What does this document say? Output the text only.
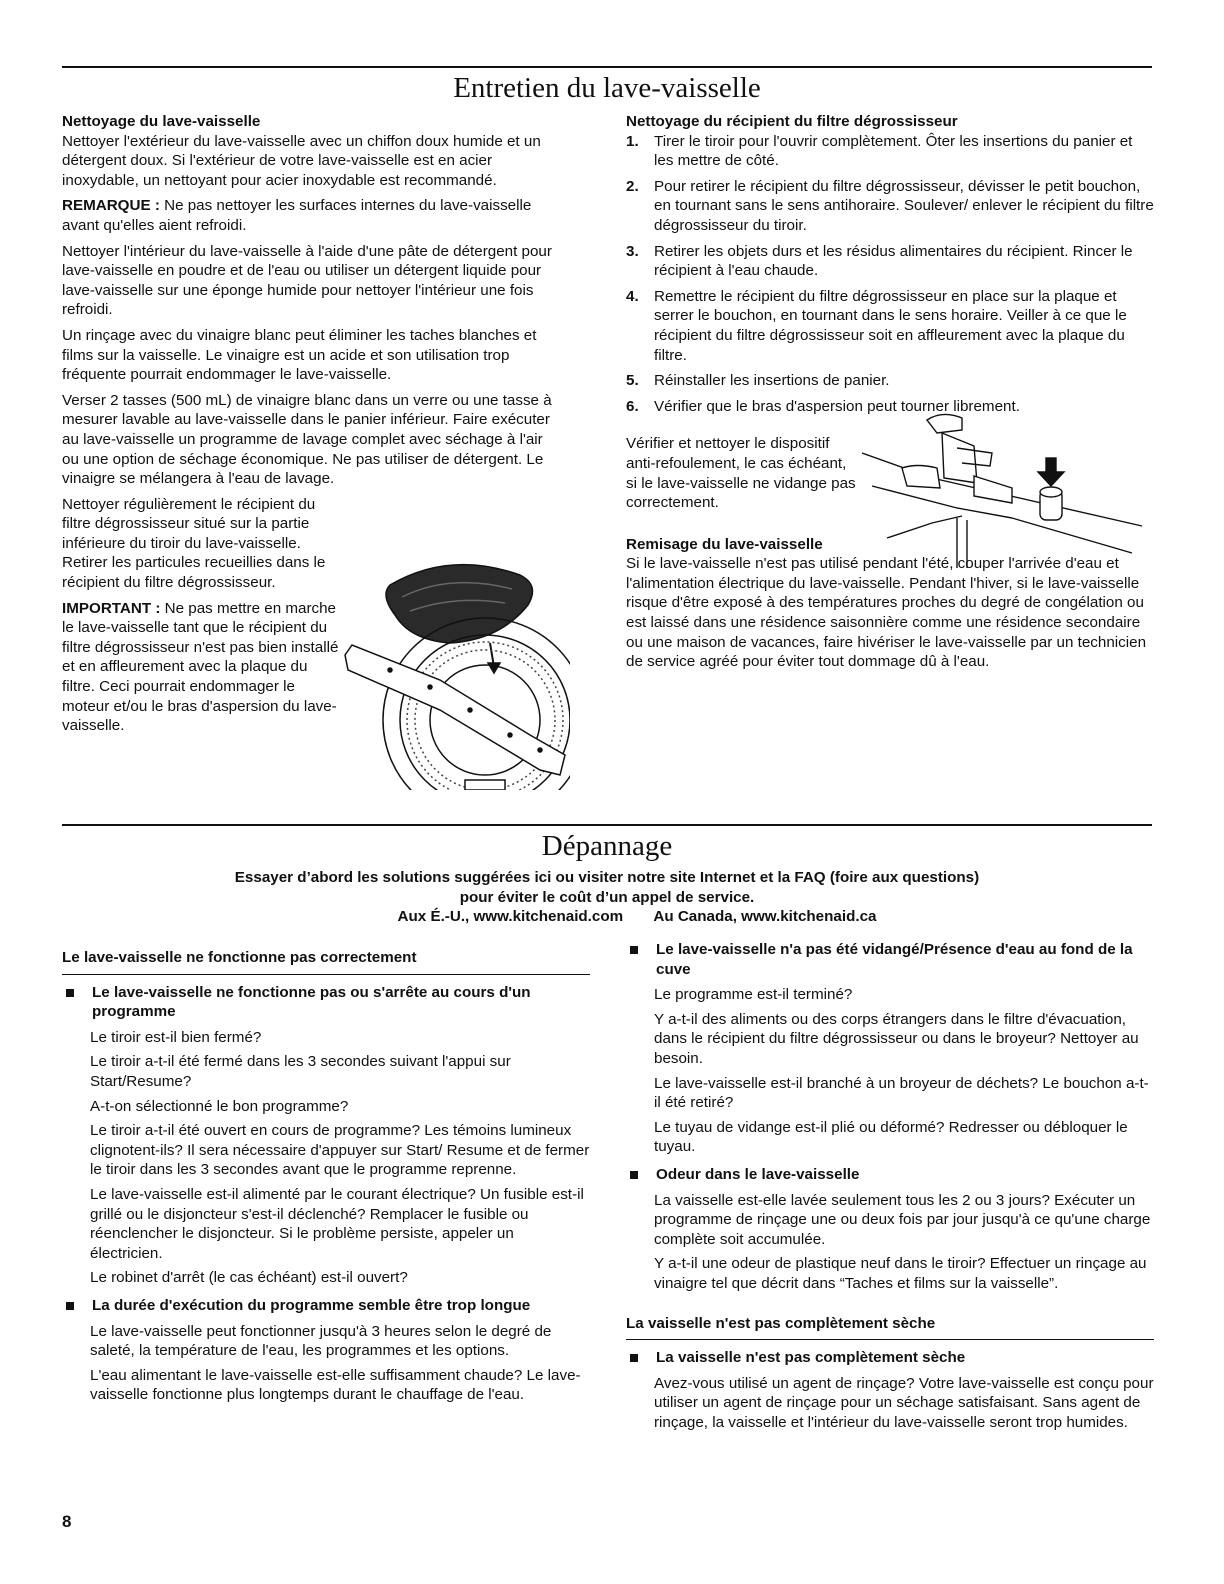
Entretien du lave-vaisselle
Nettoyage du lave-vaisselle

Nettoyer l'extérieur du lave-vaisselle avec un chiffon doux humide et un détergent doux. Si l'extérieur de votre lave-vaisselle est en acier inoxydable, un nettoyant pour acier inoxydable est recommandé.

REMARQUE : Ne pas nettoyer les surfaces internes du lave-vaisselle avant qu'elles aient refroidi.

Nettoyer l'intérieur du lave-vaisselle à l'aide d'une pâte de détergent pour lave-vaisselle en poudre et de l'eau ou utiliser un détergent liquide pour lave-vaisselle sur une éponge humide pour nettoyer l'intérieur une fois refroidi.

Un rinçage avec du vinaigre blanc peut éliminer les taches blanches et films sur la vaisselle. Le vinaigre est un acide et son utilisation trop fréquente pourrait endommager le lave-vaisselle.

Verser 2 tasses (500 mL) de vinaigre blanc dans un verre ou une tasse à mesurer lavable au lave-vaisselle dans le panier inférieur. Faire exécuter au lave-vaisselle un programme de lavage complet avec séchage à l'air ou une option de séchage économique. Ne pas utiliser de détergent. Le vinaigre se mélangera à l'eau de lavage.

Nettoyer régulièrement le récipient du filtre dégrossisseur situé sur la partie inférieure du tiroir du lave-vaisselle. Retirer les particules recueillies dans le récipient du filtre dégrossisseur.

IMPORTANT : Ne pas mettre en marche le lave-vaisselle tant que le récipient du filtre dégrossisseur n'est pas bien installé et en affleurement avec la plaque du filtre. Ceci pourrait endommager le moteur et/ou le bras d'aspersion du lave-vaisselle.

Nettoyage du récipient du filtre dégrossisseur
1.	Tirer le tiroir pour l'ouvrir complètement. Ôter les insertions du panier et les mettre de côté.
2.	Pour retirer le récipient du filtre dégrossisseur, dévisser le petit bouchon, en tournant sans le sens antihoraire. Soulever/ enlever le récipient du filtre dégrossisseur du tiroir.
3.	Retirer les objets durs et les résidus alimentaires du récipient. Rincer le récipient à l'eau chaude.
4.	Remettre le récipient du filtre dégrossisseur en place sur la plaque et serrer le bouchon, en tournant dans le sens horaire. Veiller à ce que le récipient du filtre dégrossisseur soit en affleurement avec la plaque du filtre.
5.	Réinstaller les insertions de panier.
6.	Vérifier que le bras d'aspersion peut tourner librement.

Vérifier et nettoyer le dispositif anti-refoulement, le cas échéant, si le lave-vaisselle ne vidange pas correctement.

Remisage du lave-vaisselle

Si le lave-vaisselle n'est pas utilisé pendant l'été, couper l'arrivée d'eau et l'alimentation électrique du lave-vaisselle. Pendant l'hiver, si le lave-vaisselle risque d'être exposé à des températures proches du degré de congélation ou est laissé dans une résidence saisonnière comme une résidence secondaire ou une maison de vacances, faire hivériser le lave-vaisselle par un technicien de service agréé pour éviter tout dommage dû à l'eau.

Dépannage
Essayer d’abord les solutions suggérées ici ou visiter notre site Internet et la FAQ (foire aux questions)
pour éviter le coût d’un appel de service.
Aux É.-U., www.kitchenaid.com Au Canada, www.kitchenaid.ca
Le lave-vaisselle ne fonctionne pas correctement
Le lave-vaisselle ne fonctionne pas ou s'arrête au cours d'un programme

Le tiroir est-il bien fermé?

Le tiroir a-t-il été fermé dans les 3 secondes suivant l'appui sur Start/Resume?

A-t-on sélectionné le bon programme?

Le tiroir a-t-il été ouvert en cours de programme? Les témoins lumineux clignotent-ils? Il sera nécessaire d'appuyer sur Start/ Resume et de fermer le tiroir dans les 3 secondes avant que le programme reprenne.

Le lave-vaisselle est-il alimenté par le courant électrique? Un fusible est-il grillé ou le disjoncteur s'est-il déclenché? Remplacer le fusible ou réenclencher le disjoncteur. Si le problème persiste, appeler un électricien.

Le robinet d'arrêt (le cas échéant) est-il ouvert?

La durée d'exécution du programme semble être trop longue

Le lave-vaisselle peut fonctionner jusqu'à 3 heures selon le degré de saleté, la température de l'eau, les programmes et les options.

L'eau alimentant le lave-vaisselle est-elle suffisamment chaude? Le lave-vaisselle fonctionne plus longtemps durant le chauffage de l'eau.

Le lave-vaisselle n'a pas été vidangé/Présence d'eau au fond de la cuve

Le programme est-il terminé?

Y a-t-il des aliments ou des corps étrangers dans le filtre d'évacuation, dans le récipient du filtre dégrossisseur ou dans le broyeur? Nettoyer au besoin.

Le lave-vaisselle est-il branché à un broyeur de déchets? Le bouchon a-t-il été retiré?

Le tuyau de vidange est-il plié ou déformé? Redresser ou débloquer le tuyau.

Odeur dans le lave-vaisselle

La vaisselle est-elle lavée seulement tous les 2 ou 3 jours? Exécuter un programme de rinçage une ou deux fois par jour jusqu'à ce qu'une charge complète soit accumulée.

Y a-t-il une odeur de plastique neuf dans le tiroir? Effectuer un rinçage au vinaigre tel que décrit dans “Taches et films sur la vaisselle”.

La vaisselle n'est pas complètement sèche
La vaisselle n'est pas complètement sèche

Avez-vous utilisé un agent de rinçage? Votre lave-vaisselle est conçu pour utiliser un agent de rinçage pour un séchage satisfaisant. Sans agent de rinçage, la vaisselle et l'intérieur du lave-vaisselle seront trop humides.

8
